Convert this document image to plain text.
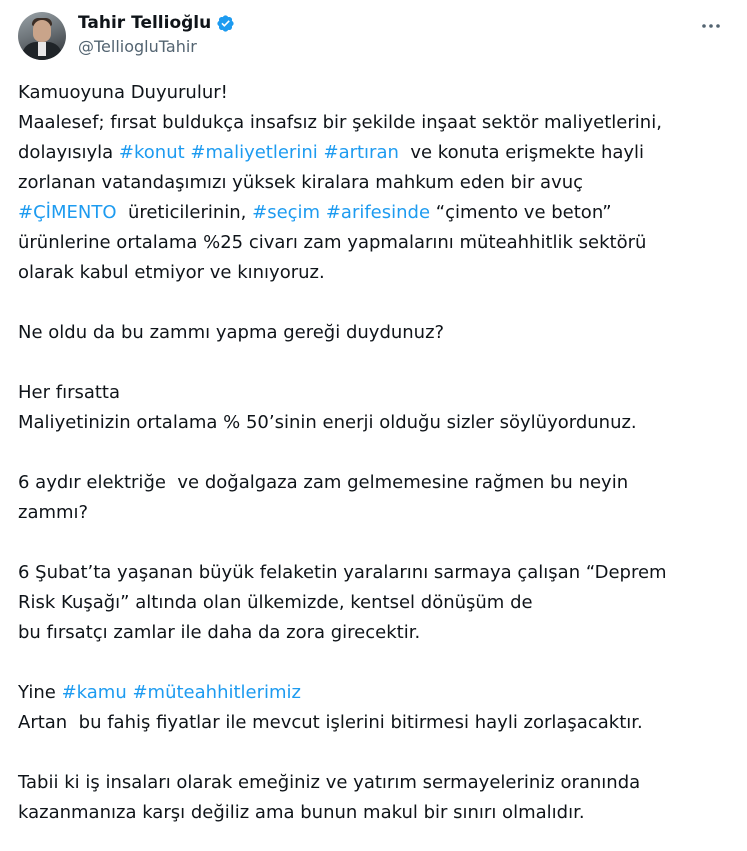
Tahir Tellioğlu
@TelliogluTahir
Kamuoyuna Duyurulur!
Maalesef; fırsat buldukça insafsız bir şekilde inşaat sektör maliyetlerini,
dolayısıyla #konut #maliyetlerini #artıran  ve konuta erişmekte hayli
zorlanan vatandaşımızı yüksek kiralara mahkum eden bir avuç
#ÇİMENTO  üreticilerinin, #seçim #arifesinde “çimento ve beton”
ürünlerine ortalama %25 civarı zam yapmalarını müteahhitlik sektörü
olarak kabul etmiyor ve kınıyoruz.
Ne oldu da bu zammı yapma gereği duydunuz?
Her fırsatta
Maliyetinizin ortalama % 50’sinin enerji olduğu sizler söylüyordunuz.
6 aydır elektriğe  ve doğalgaza zam gelmemesine rağmen bu neyin
zammı?
6 Şubat’ta yaşanan büyük felaketin yaralarını sarmaya çalışan “Deprem
Risk Kuşağı” altında olan ülkemizde, kentsel dönüşüm de
bu fırsatçı zamlar ile daha da zora girecektir.
Yine #kamu #müteahhitlerimiz
Artan  bu fahiş fiyatlar ile mevcut işlerini bitirmesi hayli zorlaşacaktır.
Tabii ki iş insaları olarak emeğiniz ve yatırım sermayeleriniz oranında
kazanmanıza karşı değiliz ama bunun makul bir sınırı olmalıdır.
